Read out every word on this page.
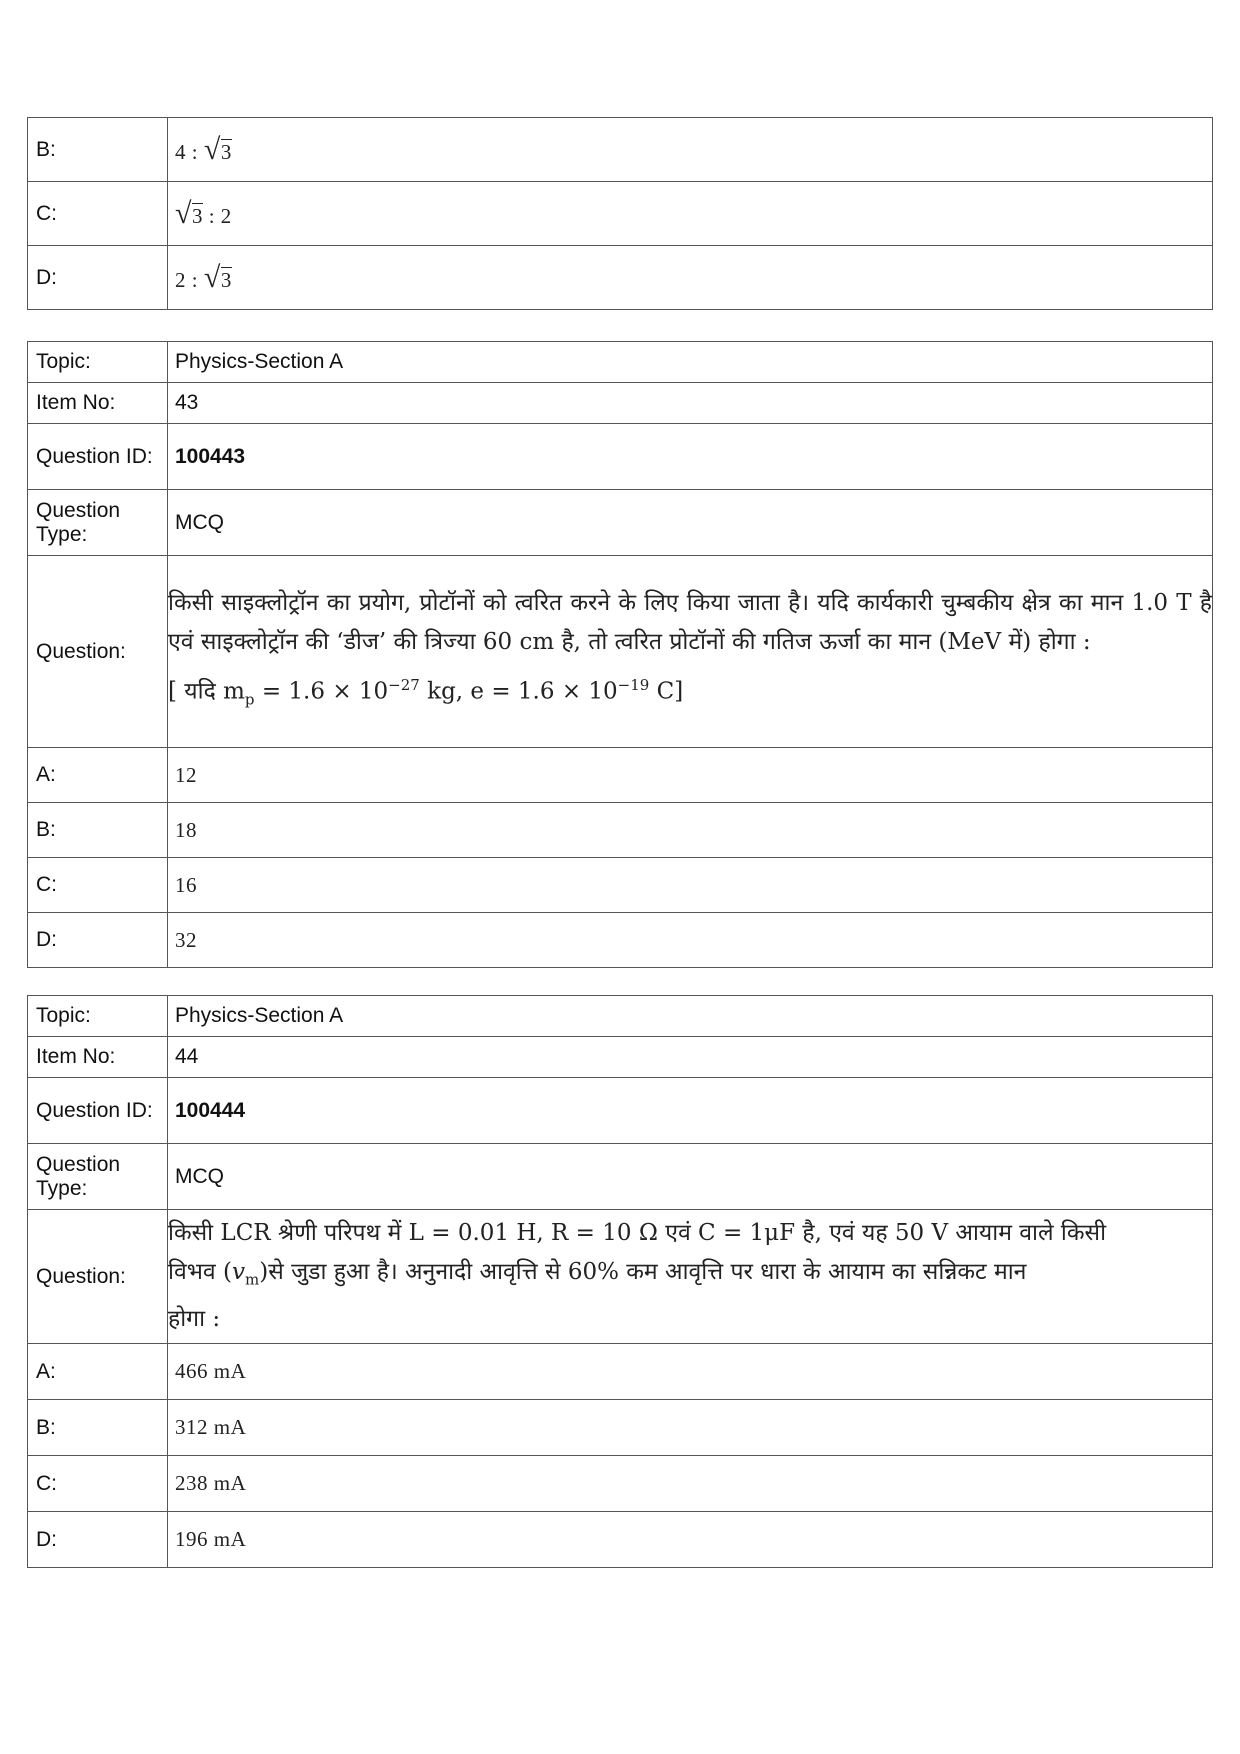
B:	4 : √3
C:	√3 : 2
D:	2 : √3
Topic:	Physics-Section A
Item No:	43
Question ID:	100443
Question Type:	MCQ
Question:	किसी साइक्लोट्रॉन का प्रयोग, प्रोटॉनों को त्वरित करने के लिए किया जाता है। यदि कार्यकारी चुम्बकीय क्षेत्र का मान 1.0 T है एवं साइक्लोट्रॉन की ‘डीज’ की त्रिज्या 60 cm है, तो त्वरित प्रोटॉनों की गतिज ऊर्जा का मान (MeV में) होगा :
[ यदि $m_p = 1.6 \times 10^{-27}$ kg, $e = 1.6 \times 10^{-19}$ C]

A:	12
B:	18
C:	16
D:	32
Topic:	Physics-Section A
Item No:	44
Question ID:	100444
Question Type:	MCQ
Question:	किसी LCR श्रेणी परिपथ में L = 0.01 H, R = 10 Ω एवं C = 1μF है, एवं यह 50 V आयाम वाले किसी
विभव $(v_m)से$ जुडा हुआ है। अनुनादी आवृत्ति से 60% कम आवृत्ति पर धारा के आयाम का सन्निकट मान
होगा :

A:	466 mA
B:	312 mA
C:	238 mA
D:	196 mA
